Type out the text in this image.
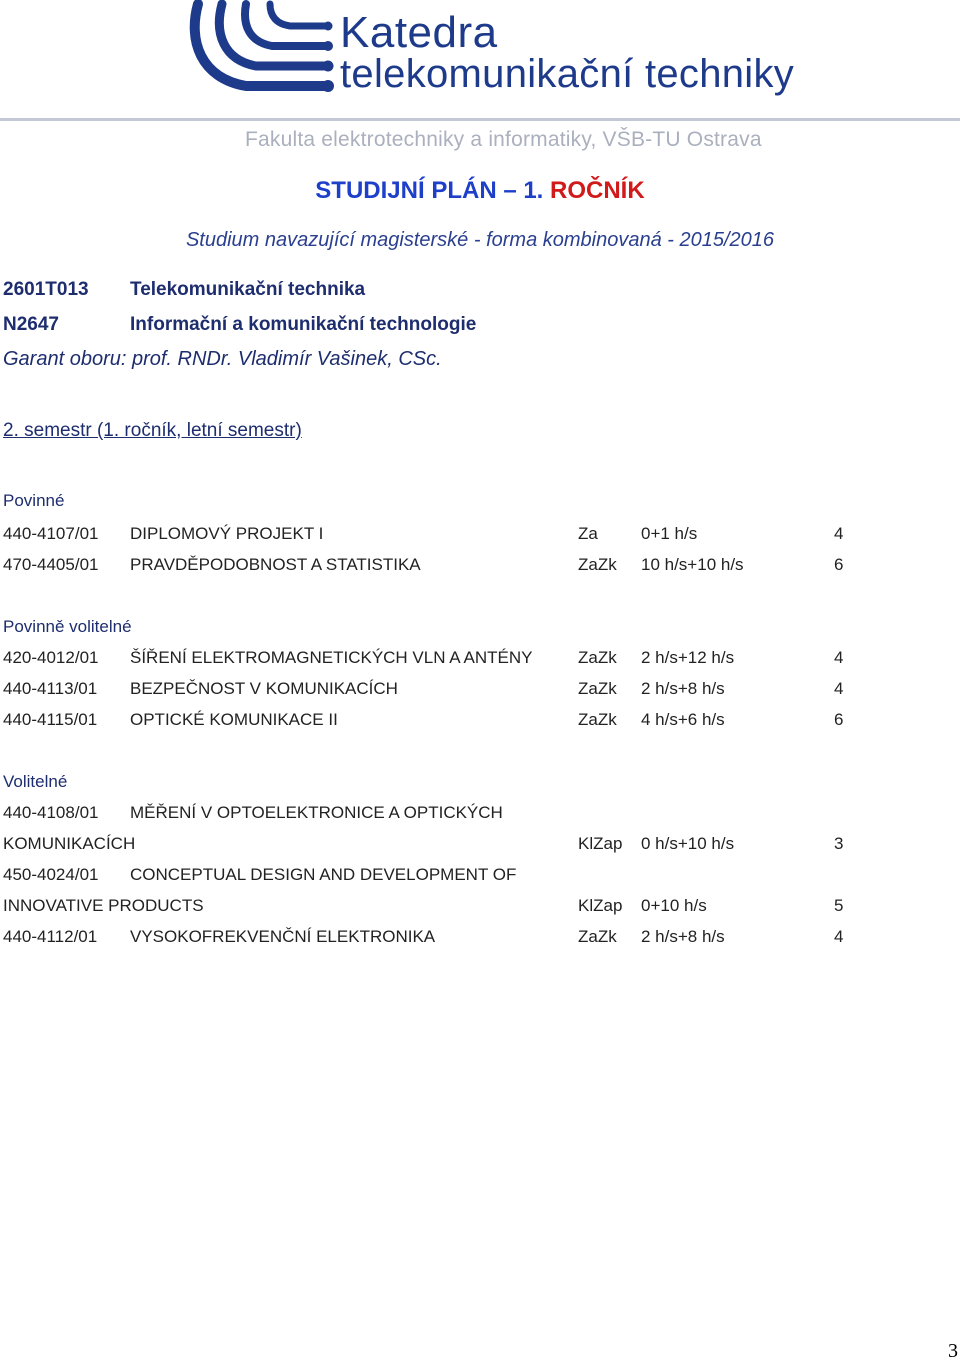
Katedra
telekomunikační techniky
Fakulta elektrotechniky a informatiky, VŠB-TU Ostrava
STUDIJNÍ PLÁN – 1. ROČNÍK
Studium navazující magisterské - forma kombinovaná - 2015/2016
2601T013 Telekomunikační technika
N2647	Informační a komunikační technologie
Garant oboru: prof. RNDr. Vladimír Vašinek, CSc.
2. semestr (1. ročník, letní semestr)
Povinné
440-4107/01 DIPLOMOVÝ PROJEKT I	Za	0+1 h/s	4
470-4405/01 PRAVDĚPODOBNOST A STATISTIKA	ZaZk 10 h/s+10 h/s	6
Povinně volitelné
420-4012/01 ŠÍŘENÍ ELEKTROMAGNETICKÝCH VLN A ANTÉNY	ZaZk 2 h/s+12 h/s	4
440-4113/01 BEZPEČNOST V KOMUNIKACÍCH	ZaZk 2 h/s+8 h/s	4
440-4115/01 OPTICKÉ KOMUNIKACE II	ZaZk 4 h/s+6 h/s	6
Volitelné
440-4108/01 MĚŘENÍ V OPTOELEKTRONICE A OPTICKÝCH
KOMUNIKACÍCH	KlZap 0 h/s+10 h/s	3
450-4024/01 CONCEPTUAL DESIGN AND DEVELOPMENT OF
INNOVATIVE PRODUCTS	KlZap 0+10 h/s	5
440-4112/01 VYSOKOFREKVENČNÍ ELEKTRONIKA	ZaZk 2 h/s+8 h/s	4
3
